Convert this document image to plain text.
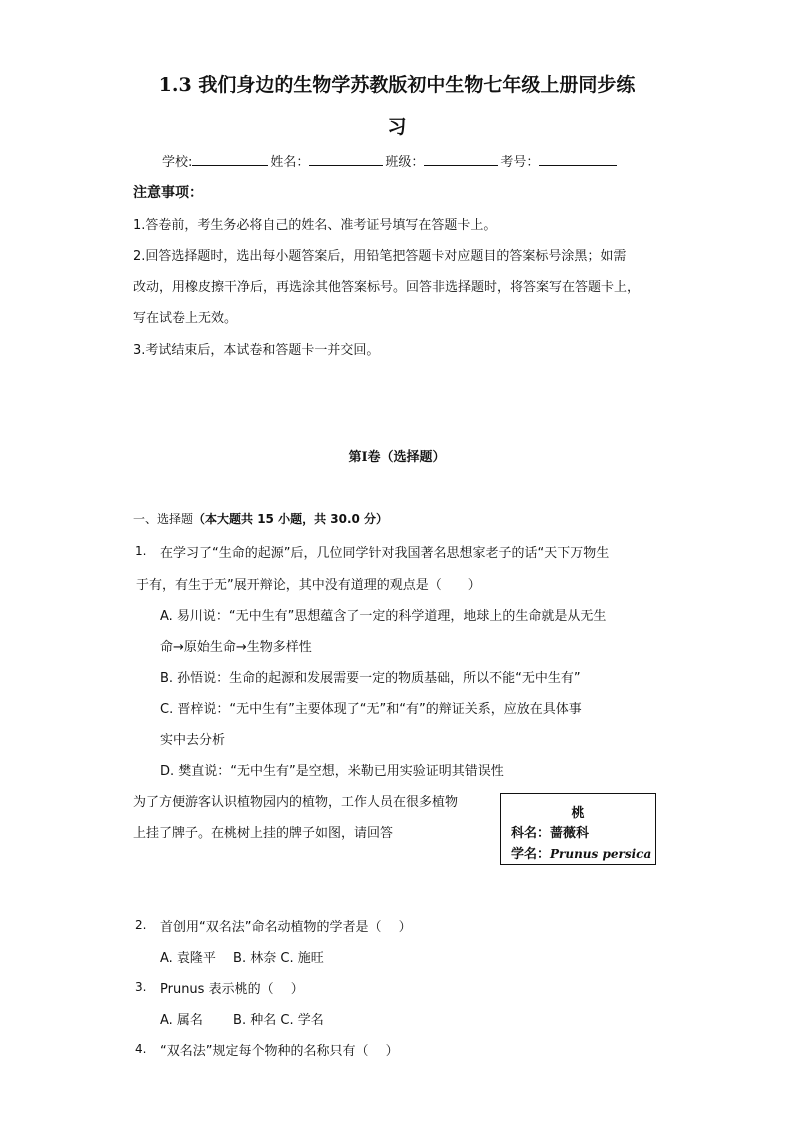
1.3 我们身边的生物学苏教版初中生物七年级上册同步练
习
学校:	姓名：	班级：	考号：
注意事项：
1.答卷前，考生务必将自己的姓名、准考证号填写在答题卡上。
2.回答选择题时，选出每小题答案后，用铅笔把答题卡对应题目的答案标号涂黑；如需
改动，用橡皮擦干净后，再选涂其他答案标号。回答非选择题时，将答案写在答题卡上，
写在试卷上无效。
3.考试结束后，本试卷和答题卡一并交回。
第Ⅰ卷（选择题）
一、选择题（本大题共 15 小题，共 30.0 分）
1. 在学习了“生命的起源”后，几位同学针对我国著名思想家老子的话“天下万物生
于有，有生于无”展开辩论，其中没有道理的观点是（　　）
A. 易川说：“无中生有”思想蕴含了一定的科学道理，地球上的生命就是从无生
命→原始生命→生物多样性
B. 孙悟说：生命的起源和发展需要一定的物质基础，所以不能“无中生有”
C. 晋梓说：“无中生有”主要体现了“无”和“有”的辩证关系，应放在具体事
实中去分析
D. 樊直说：“无中生有”是空想，米勒已用实验证明其错误性
为了方便游客认识植物园内的植物，工作人员在很多植物
上挂了牌子。在桃树上挂的牌子如图，请回答
桃
科名：蔷薇科
学名：Prunus persica
2. 首创用“双名法”命名动植物的学者是（　 ）
A. 袁隆平　 B. 林奈 C. 施旺
3. Prunus 表示桃的（　 ）
A. 属名　　 B. 种名 C. 学名
4. “双名法”规定每个物种的名称只有（　 ）
